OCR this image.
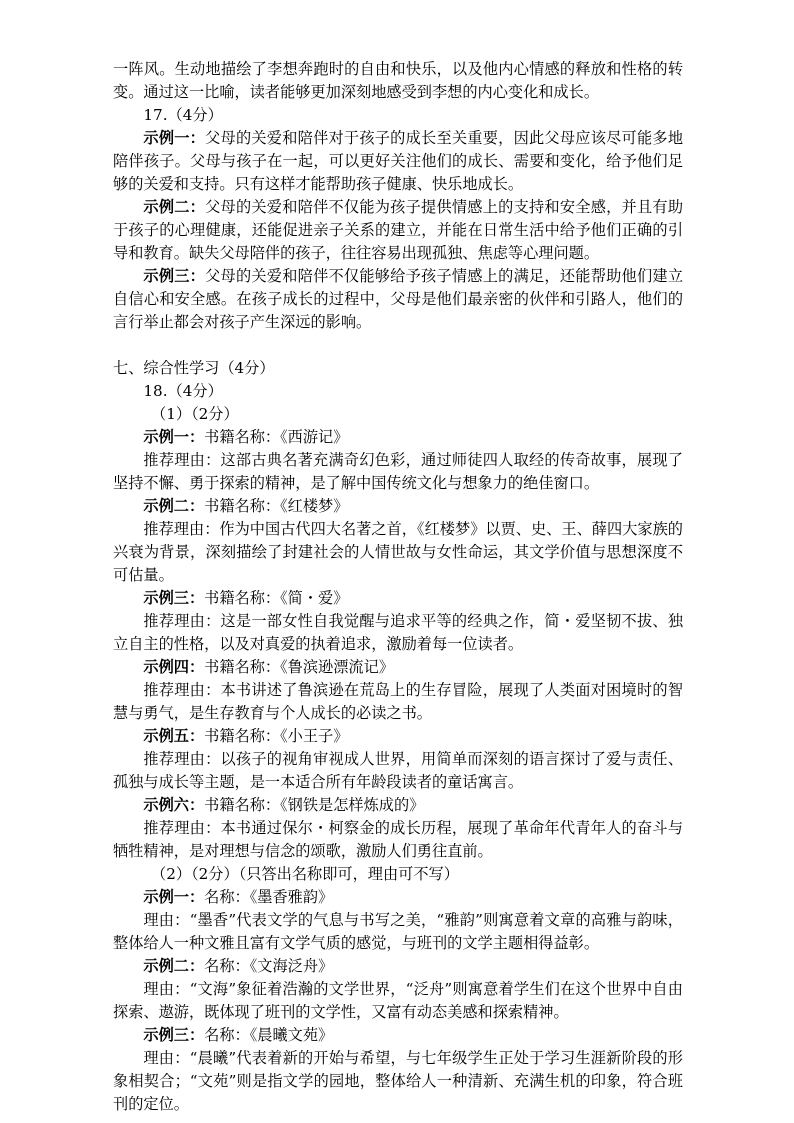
一阵风。生动地描绘了李想奔跑时的自由和快乐，以及他内心情感的释放和性格的转变。通过这一比喻，读者能够更加深刻地感受到李想的内心变化和成长。

17.（4分）

示例一：父母的关爱和陪伴对于孩子的成长至关重要，因此父母应该尽可能多地陪伴孩子。父母与孩子在一起，可以更好关注他们的成长、需要和变化，给予他们足够的关爱和支持。只有这样才能帮助孩子健康、快乐地成长。

示例二：父母的关爱和陪伴不仅能为孩子提供情感上的支持和安全感，并且有助于孩子的心理健康，还能促进亲子关系的建立，并能在日常生活中给予他们正确的引导和教育。缺失父母陪伴的孩子，往往容易出现孤独、焦虑等心理问题。

示例三：父母的关爱和陪伴不仅能够给予孩子情感上的满足，还能帮助他们建立自信心和安全感。在孩子成长的过程中，父母是他们最亲密的伙伴和引路人，他们的言行举止都会对孩子产生深远的影响。

七、综合性学习（4分）

18.（4分）

（1）（2分）

示例一：书籍名称：《西游记》

推荐理由：这部古典名著充满奇幻色彩，通过师徒四人取经的传奇故事，展现了坚持不懈、勇于探索的精神，是了解中国传统文化与想象力的绝佳窗口。

示例二：书籍名称：《红楼梦》

推荐理由：作为中国古代四大名著之首，《红楼梦》以贾、史、王、薛四大家族的兴衰为背景，深刻描绘了封建社会的人情世故与女性命运，其文学价值与思想深度不可估量。

示例三：书籍名称：《简・爱》

推荐理由：这是一部女性自我觉醒与追求平等的经典之作，简・爱坚韧不拔、独立自主的性格，以及对真爱的执着追求，激励着每一位读者。

示例四：书籍名称：《鲁滨逊漂流记》

推荐理由：本书讲述了鲁滨逊在荒岛上的生存冒险，展现了人类面对困境时的智慧与勇气，是生存教育与个人成长的必读之书。

示例五：书籍名称：《小王子》

推荐理由：以孩子的视角审视成人世界，用简单而深刻的语言探讨了爱与责任、孤独与成长等主题，是一本适合所有年龄段读者的童话寓言。

示例六：书籍名称：《钢铁是怎样炼成的》

推荐理由：本书通过保尔・柯察金的成长历程，展现了革命年代青年人的奋斗与牺牲精神，是对理想与信念的颂歌，激励人们勇往直前。

（2）（2分）（只答出名称即可，理由可不写）

示例一：名称：《墨香雅韵》

理由：“墨香”代表文学的气息与书写之美，“雅韵”则寓意着文章的高雅与韵味，整体给人一种文雅且富有文学气质的感觉，与班刊的文学主题相得益彰。

示例二：名称：《文海泛舟》

理由：“文海”象征着浩瀚的文学世界，“泛舟”则寓意着学生们在这个世界中自由探索、遨游，既体现了班刊的文学性，又富有动态美感和探索精神。

示例三：名称：《晨曦文苑》

理由：“晨曦”代表着新的开始与希望，与七年级学生正处于学习生涯新阶段的形象相契合；“文苑”则是指文学的园地，整体给人一种清新、充满生机的印象，符合班刊的定位。
